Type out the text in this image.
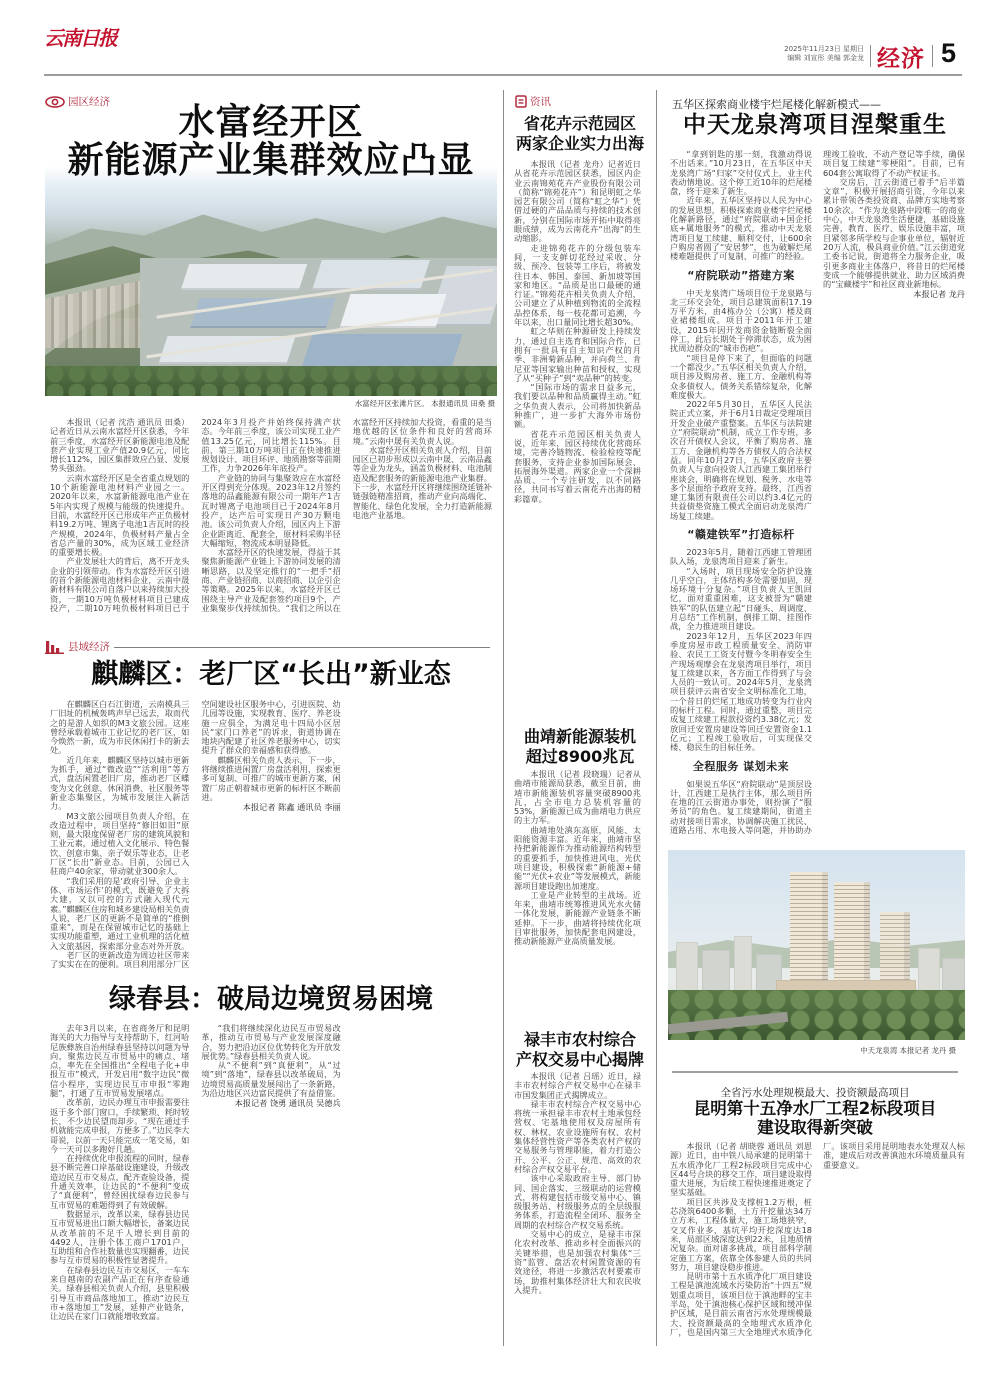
云南日报	2025年11月23日 星期日
编辑 刘宣彤 美编 郭金龙 经济 5
园区经济	水富经开区
新能源产业集群效应凸显
水富经开区张滩片区。 本报通讯员 田桑 摄

本报讯（记者 沈浩 通讯员 田桑）记者近日从云南水富经开区获悉，今年前三季度，水富经开区新能源电池及配套产业实现工业产值20.9亿元，同比增长112%，园区集群效应凸显、发展势头强劲。

云南水富经开区是全省重点规划的10个新能源电池材料产业园之一。2020年以来，水富新能源电池产业在5年内实现了规模与能级的快速提升。目前，水富经开区已形成年产正负极材料19.2万吨、锂离子电池1吉瓦时的投产规模，2024年，负极材料产量占全省总产量的30%，成为区域工业经济的重要增长极。

产业发展壮大的背后，离不开龙头企业的引领带动。作为水富经开区引进的首个新能源电池材料企业，云南中晟新材料有限公司自落户以来持续加大投资，一期10万吨负极材料项目已建成投产，二期10万吨负极材料项目已于2024年3月投产并始终保持满产状态。今年前三季度，该公司实现工业产值13.25亿元，同比增长115%。目前，第三期10万吨项目正在快速推进规划设计、项目环评、地质勘察等前期工作，力争2026年年底投产。

产业链的协同与集聚效应在水富经开区得到充分体现。2023年12月签约落地的品鑫能源有限公司一期年产1吉瓦时锂离子电池项目已于2024年8月投产，达产后可实现日产30万颗电池。该公司负责人介绍，园区内上下游企业距离近、配套全，原材料采购半径大幅缩短，物流成本明显降低。

水富经开区的快速发展，得益于其聚焦新能源产业链上下游协同发展的清晰思路，以及坚定推行的“一把手”招商、产业链招商、以商招商、以企引企等策略。2025年以来，水富经开区已围绕主导产业及配套签约项目9个，产业集聚步伐持续加快。“我们之所以在水富经开区持续加大投资，看重的是当地优越的区位条件和良好的营商环境。”云南中晟有关负责人说。

水富经开区相关负责人介绍，目前园区已初步形成以云南中晟、云南品鑫等企业为龙头，涵盖负极材料、电池制造及配套服务的新能源电池产业集群。下一步，水富经开区将继续围绕延链补链强链精准招商，推动产业向高端化、智能化、绿色化发展，全力打造新能源电池产业基地。

县域经济
麒麟区：老厂区“长出”新业态

在麒麟区白石江街道，云南模具三厂旧址的机械轰鸣声早已远去，取而代之的是游人如织的M3文旅公园。这座曾经承载着城市工业记忆的老厂区，如今焕然一新，成为市民休闲打卡的新去处。

近几年来，麒麟区坚持以城市更新为抓手，通过“微改造”“活利用”等方式，盘活闲置老旧厂房，推动老厂区蝶变为文化创意、休闲消费、社区服务等新业态集聚区，为城市发展注入新活力。

M3文旅公园项目负责人介绍，在改造过程中，项目坚持“修旧如旧”原则，最大限度保留老厂房的建筑风貌和工业元素，通过植入文化展示、特色餐饮、创意市集、亲子娱乐等业态，让老厂区“长出”新业态。目前，公园已入驻商户40余家，带动就业300余人。

“我们采用的是‘政府引导、企业主体、市场运作’的模式，既避免了大拆大建，又以可控的方式融入现代元素。”麒麟区住房和城乡建设局相关负责人说，老厂区的更新不是简单的“推倒重来”，而是在保留城市记忆的基础上实现功能重塑，通过工业机理的活化植入文旅基因，探索部分业态对外开放。

老厂区的更新改造为周边社区带来了实实在在的便利。项目利用部分厂区空间建设社区服务中心，引进医院、幼儿园等设施，实现教育、医疗、养老设施一应俱全，为满足电十四局小区居民“家门口养老”的诉求，街道协调在地块内配建了社区养老服务中心，切实提升了群众的幸福感和获得感。

麒麟区相关负责人表示，下一步，将继续推进闲置厂房盘活利用，探索更多可复制、可推广的城市更新方案，闲置厂房正朝着城市更新的标杆区不断前进。

本报记者 陈鑫 通讯员 李丽

绿春县：破局边境贸易困境

去年3月以来，在省商务厅和昆明海关的大力指导与支持帮助下，红河哈尼族彝族自治州绿春县坚持以问题为导向，聚焦边民互市贸易中的痛点、堵点，率先在全国推出“全程电子化+申报互市”模式，开发启用“数字边民”微信小程序，实现边民互市申报“零跑腿”，打通了互市贸易发展堵点。

改革前，边民办理互市申报需要往返于多个部门窗口，手续繁琐、耗时较长，不少边民望而却步。“现在通过手机就能完成申报，方便多了。”边民李大哥说，以前一天只能完成一笔交易，如今一天可以多跑好几趟。

在持续优化申报流程的同时，绿春县不断完善口岸基础设施建设，升级改造边民互市交易点，配齐查验设备，提升通关效率，让边民的“不便利”变成了“真便利”，曾经困扰绿春边民参与互市贸易的难题得到了有效破解。

数据显示，改革以来，绿春县边民互市贸易进出口额大幅增长，备案边民从改革前的不足千人增长到目前的4492人，注册个体工商户1701户，互助组和合作社数量也实现翻番，边民参与互市贸易的积极性显著提升。

在绿春县边民互市交易区，一车车来自越南的农副产品正在有序查验通关。绿春县相关负责人介绍，县里积极引导互市商品落地加工，推动“边民互市+落地加工”发展，延伸产业链条，让边民在家门口就能增收致富。

“我们将继续深化边民互市贸易改革，推动互市贸易与产业发展深度融合，努力把沿边区位优势转化为开放发展优势。”绿春县相关负责人说。

从“不便利”到“真便利”，从“过境”到“落地”，绿春县以改革破局，为边境贸易高质量发展闯出了一条新路，为沿边地区兴边富民提供了有益借鉴。

本报记者 饶勇 通讯员 吴德兵

资讯
省花卉示范园区
两家企业实力出海

本报讯（记者 龙舟）记者近日从省花卉示范园区获悉，园区内企业云南锦苑花卉产业股份有限公司（简称“锦苑花卉”）和昆明虹之华园艺有限公司（简称“虹之华”）凭借过硬的产品品质与持续的技术创新，分别在国际市场开拓中取得亮眼成绩，成为云南花卉“出海”的生动缩影。

走进锦苑花卉的分级包装车间，一支支鲜切花经过采收、分级、预冷、包装等工序后，将被发往日本、韩国、泰国、新加坡等国家和地区。“品质是出口最硬的通行证。”锦苑花卉相关负责人介绍，公司建立了从种植到物流的全流程品控体系，每一枝花都可追溯，今年以来，出口量同比增长超30%。

虹之华则在种源研发上持续发力，通过自主选育和国际合作，已拥有一批具有自主知识产权的月季、非洲菊新品种，并向荷兰、肯尼亚等国家输出种苗和授权，实现了从“买种子”到“卖品种”的转变。

“国际市场的需求日益多元，我们要以品种和品质赢得主动。”虹之华负责人表示，公司将加快新品种推广，进一步扩大海外市场份额。

省花卉示范园区相关负责人说，近年来，园区持续优化营商环境，完善冷链物流、检验检疫等配套服务，支持企业参加国际展会、拓展海外渠道。两家企业一个深耕品质、一个专注研发，以不同路径，共同书写着云南花卉出海的精彩篇章。

曲靖新能源装机
超过8900兆瓦

本报讯（记者 段晓瑞）记者从曲靖市能源局获悉，截至目前，曲靖市新能源装机容量突破8900兆瓦，占全市电力总装机容量的53%，新能源已成为曲靖电力供应的主力军。

曲靖地处滇东高原，风能、太阳能资源丰富。近年来，曲靖市坚持把新能源作为推动能源结构转型的重要抓手，加快推进风电、光伏项目建设，积极探索“新能源+储能”“光伏+农业”等发展模式，新能源项目建设跑出加速度。

工业是产业转型的主战场。近年来，曲靖市统筹推进风光水火储一体化发展，新能源产业链条不断延伸。下一步，曲靖将持续优化项目审批服务，加快配套电网建设，推动新能源产业高质量发展。

禄丰市农村综合
产权交易中心揭牌

本报讯（记者 吕瑶）近日，禄丰市农村综合产权交易中心在禄丰市国发集团正式揭牌成立。

禄丰市农村综合产权交易中心将统一承担禄丰市农村土地承包经营权、宅基地使用权及房屋所有权、林权、农业设施所有权、农村集体经营性资产等各类农村产权的交易服务与管理职能，着力打造公开、公平、公正、规范、高效的农村综合产权交易平台。

该中心采取政府主导、部门协同、国企落实、三级联动的运营模式，将构建包括市级交易中心、镇级服务站、村级服务点的全层级服务体系，打造流程全闭环、服务全周期的农村综合产权交易系统。

交易中心的成立，是禄丰市深化农村改革、推动乡村全面振兴的关键举措，也是加强农村集体“三资”监管、盘活农村闲置资源的有效途径，将进一步激活农村要素市场，助推村集体经济壮大和农民收入提升。

五华区探索商业楼宇烂尾楼化解新模式——
中天龙泉湾项目涅槃重生

“拿到钥匙的那一刻，我激动得说不出话来。”10月23日，在五华区中天龙泉湾广场“归家”交付仪式上，业主代表动情地说。这个停工近10年的烂尾楼盘，终于迎来了新生。

近年来，五华区坚持以人民为中心的发展思想，积极探索商业楼宇烂尾楼化解新路径，通过“府院联动+国企托底+属地服务”的模式，推动中天龙泉湾项目复工续建、顺利交付，让600余户购房者圆了“安居梦”，也为破解烂尾楼难题提供了可复制、可推广的经验。

“府院联动”搭建方案

中天龙泉湾广场项目位于龙泉路与北三环交会处，项目总建筑面积17.19万平方米，由4栋办公（公寓）楼及商业裙楼组成。项目于2011年开工建设，2015年因开发商资金链断裂全面停工，此后长期处于停滞状态，成为困扰周边群众的“城市伤疤”。

“项目是停下来了，但面临的问题一个都没少。”五华区相关负责人介绍，项目涉及购房者、施工方、金融机构等众多债权人，债务关系错综复杂，化解难度极大。

2022年5月30日，五华区人民法院正式立案，并于6月1日裁定受理项目开发企业破产重整案。五华区与法院建立“府院联动”机制，成立工作专班，多次召开债权人会议，平衡了购房者、施工方、金融机构等各方债权人的合法权益。同年10月27日，五华区政府主要负责人与意向投资人江西建工集团举行座谈会，明确将在规划、税务、水电等多个层面给予政府支持。最终，江西省建工集团有限责任公司以约3.4亿元的共益债垫资施工模式全面启动龙泉湾广场复工续建。

“赣建铁军”打造标杆

2023年5月，随着江西建工管理团队入场，龙泉湾项目迎来了新生。

“入场时，项目现场安全防护设施几乎空白，主体结构多处需要加固，现场环境十分复杂。”项目负责人王凯回忆，面对重重困难，这支被誉为“赣建铁军”的队伍建立起“日碰头、周调度、月总结”工作机制，倒排工期、挂图作战，全力推进项目建设。

2023年12月，五华区2023年四季度房屋市政工程质量安全、消防审验、农民工工资支付暨今冬明春安全生产现场观摩会在龙泉湾项目举行，项目复工续建以来，各方面工作得到了与会人员的一致认可。2024年5月，龙泉湾项目获评云南省安全文明标准化工地，一个昔日的烂尾工地成功转变为行业内的标杆工程。同时，通过重整，项目完成复工续建工程款投资约3.38亿元；发放回迁安置房建设等回迁安置资金1.1亿元；工程竣工验收后，可实现保交楼、稳民生的目标任务。

全程服务 谋划未来

如果说五华区“府院联动”是顶层设计，江西建工是执行主体，那么项目所在地的江云街道办事处，则扮演了“服务员”的角色。复工续建期间，街道主动对接项目需求，协调解决施工扰民、道路占用、水电接入等问题，并协助办理竣工验收、不动产登记等手续，确保项目复工续建“零梗阻”。目前，已有604套公寓取得了不动产权证书。

交房后，江云街道已着手“后半篇文章”，积极开展招商引资，今年以来累计带领各类投资商、品牌方实地考察10余次。“作为龙泉路中段唯一的商业中心，中天龙泉湾生活便捷，基础设施完善，教育、医疗、娱乐设施丰富，项目紧邻多所学校与企事业单位，辐射近20万人流，极具商业价值。”江云街道党工委书记说，街道将全力服务企业，吸引更多商业主体落户，将昔日的烂尾楼变成一个能够提供就业、助力区域消费的“宝藏楼宇”和社区商业新地标。

本报记者 龙丹

中天龙泉湾 本报记者 龙丹 摄
全省污水处理规模最大、投资额最高项目
昆明第十五净水厂工程2标段项目
建设取得新突破

本报讯（记者 胡晓蓉 通讯员 刘恩源）近日，由中铁八局承建的昆明第十五水质净化厂工程2标段项目完成中心区44号合块的移交工作，项目建设取得重大进展，为后续工程快速推进奠定了坚实基础。

项目区共涉及支撑桩1.2万根，桩芯浇筑6400多颗，土方开挖量达34万立方米，工程体量大，施工场地狭窄，交叉作业多，基坑平均开挖深度达18米，局部区域深度达到22米，且地质情况复杂。面对诸多挑战，项目部科学制定施工方案，依靠全体参建人员的共同努力，项目建设稳步推进。

昆明市第十五水质净化厂项目建设工程是滇池流域水污染防治“十四五”规划重点项目，该项目位于滇池畔的宝丰半岛，处于滇池核心保护区域和缓冲保护区域，是目前云南省污水处理规模最大、投资额最高的全地埋式水质净化厂，也是国内第三大全地埋式水质净化厂。该项目采用昆明地表水处理双人标准，建成后对改善滇池水环境质量具有重要意义。
